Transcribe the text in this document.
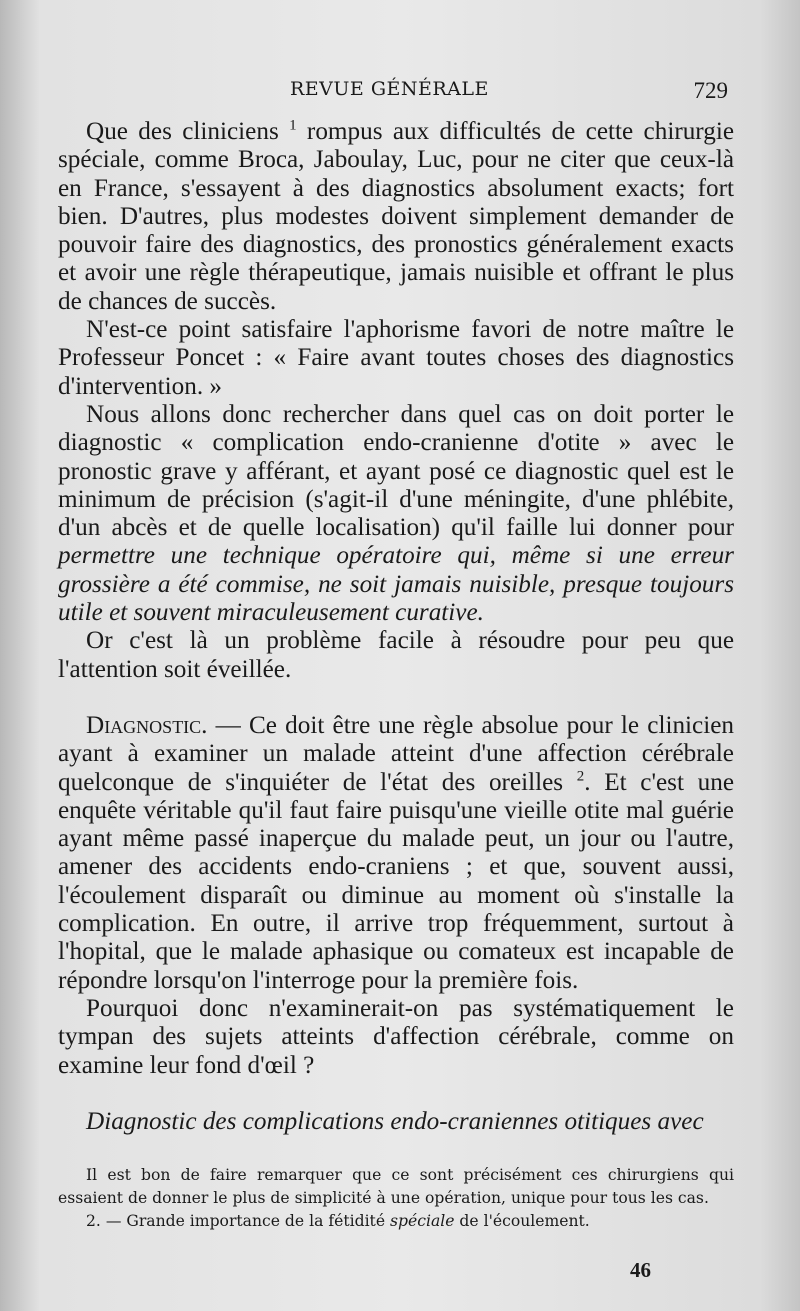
REVUE GÉNÉRALE	729

Que des cliniciens $^1$ rompus aux difficultés de cette chirurgie spéciale, comme Broca, Jaboulay, Luc, pour ne citer que ceux-là en France, s'essayent à des diagnostics absolument exacts; fort bien. D'autres, plus modestes doivent simplement demander de pouvoir faire des diagnostics, des pronostics généralement exacts et avoir une règle thérapeutique, jamais nuisible et offrant le plus de chances de succès.

N'est-ce point satisfaire l'aphorisme favori de notre maître le Professeur Poncet : « Faire avant toutes choses des diagnostics d'intervention. »

Nous allons donc rechercher dans quel cas on doit porter le diagnostic « complication endo-cranienne d'otite » avec le pronostic grave y afférant, et ayant posé ce diagnostic quel est le minimum de précision (s'agit-il d'une méningite, d'une phlébite, d'un abcès et de quelle localisation) qu'il faille lui donner pour permettre une technique opératoire qui, même si une erreur grossière a été commise, ne soit jamais nuisible, presque toujours utile et souvent miraculeusement curative.

Or c'est là un problème facile à résoudre pour peu que l'attention soit éveillée.

Diagnostic. — Ce doit être une règle absolue pour le clinicien ayant à examiner un malade atteint d'une affection cérébrale quelconque de s'inquiéter de l'état des oreilles $^2$. Et c'est une enquête véritable qu'il faut faire puisqu'une vieille otite mal guérie ayant même passé inaperçue du malade peut, un jour ou l'autre, amener des accidents endo-craniens ; et que, souvent aussi, l'écoulement disparaît ou diminue au moment où s'installe la complication. En outre, il arrive trop fréquemment, surtout à l'hopital, que le malade aphasique ou comateux est incapable de répondre lorsqu'on l'interroge pour la première fois.

Pourquoi donc n'examinerait-on pas systématiquement le tympan des sujets atteints d'affection cérébrale, comme on examine leur fond d'œil ?

Diagnostic des complications endo-craniennes otitiques avec

Il est bon de faire remarquer que ce sont précisément ces chirurgiens qui essaient de donner le plus de simplicité à une opération, unique pour tous les cas.

2. — Grande importance de la fétidité spéciale de l'écoulement.

46
